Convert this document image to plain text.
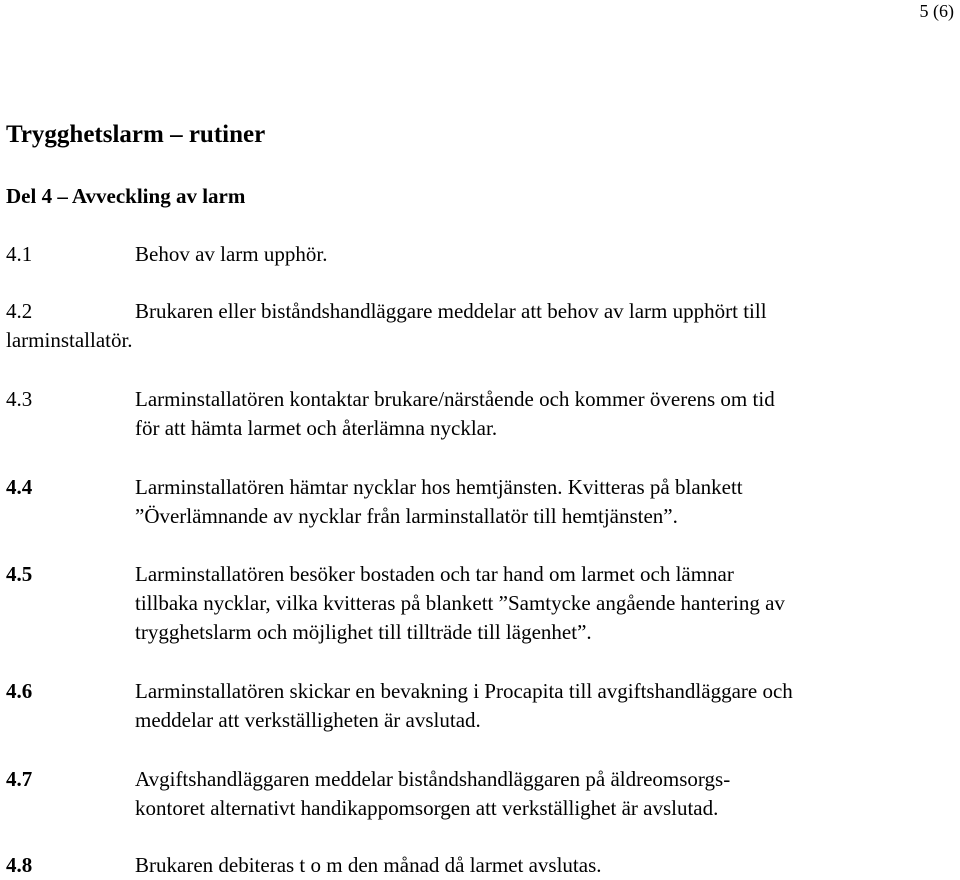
5 (6)
Trygghetslarm – rutiner
Del 4 – Avveckling av larm
4.1	Behov av larm upphör.
4.2	Brukaren eller biståndshandläggare meddelar att behov av larm upphört till
larminstallatör.
4.3	Larminstallatören kontaktar brukare/närstående och kommer överens om tid
för att hämta larmet och återlämna nycklar.
4.4	Larminstallatören hämtar nycklar hos hemtjänsten. Kvitteras på blankett
”Överlämnande av nycklar från larminstallatör till hemtjänsten”.
4.5	Larminstallatören besöker bostaden och tar hand om larmet och lämnar
tillbaka nycklar, vilka kvitteras på blankett ”Samtycke angående hantering av
trygghetslarm och möjlighet till tillträde till lägenhet”.
4.6	Larminstallatören skickar en bevakning i Procapita till avgiftshandläggare och
meddelar att verkställigheten är avslutad.
4.7	Avgiftshandläggaren meddelar biståndshandläggaren på äldreomsorgs-
kontoret alternativt handikappomsorgen att verkställighet är avslutad.
4.8	Brukaren debiteras t o m den månad då larmet avslutas.
